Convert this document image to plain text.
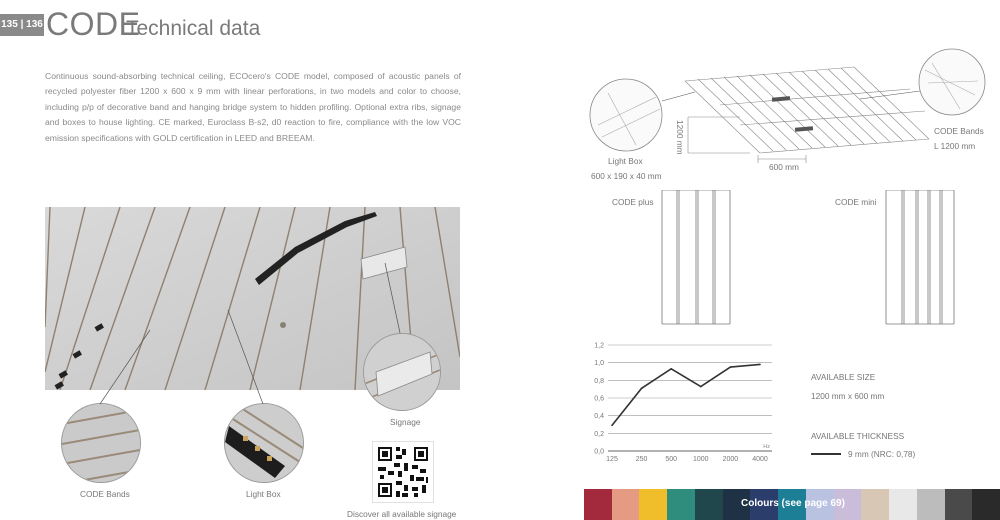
135 | 136 CODE
Technical data
Continuous sound-absorbing technical ceiling, ECOcero's CODE model, composed of acoustic panels of recycled polyester fiber 1200 x 600 x 9 mm with linear perforations, in two models and color to choose, including p/p of decorative band and hanging bridge system to hidden profiling. Optional extra ribs, signage and boxes to house lighting. CE marked, Euroclass B-s2, d0 reaction to fire, compliance with the low VOC emission specifications with GOLD certification in LEED and BREEAM.
CODE Bands	Light Box
Signage
Discover all available signage
Light Box
600 x 190 x 40 mm
1200 mm
600 mm
CODE Bands
L 1200 mm
CODE plus	CODE mini
0,0
0,2
0,4
0,6
0,8
1,0
1,2
125	250	500 1000 2000 4000
Hz
AVAILABLE SIZE
1200 mm x 600 mm
AVAILABLE THICKNESS
9 mm (NRC: 0,78)
Colours (see page 69)
